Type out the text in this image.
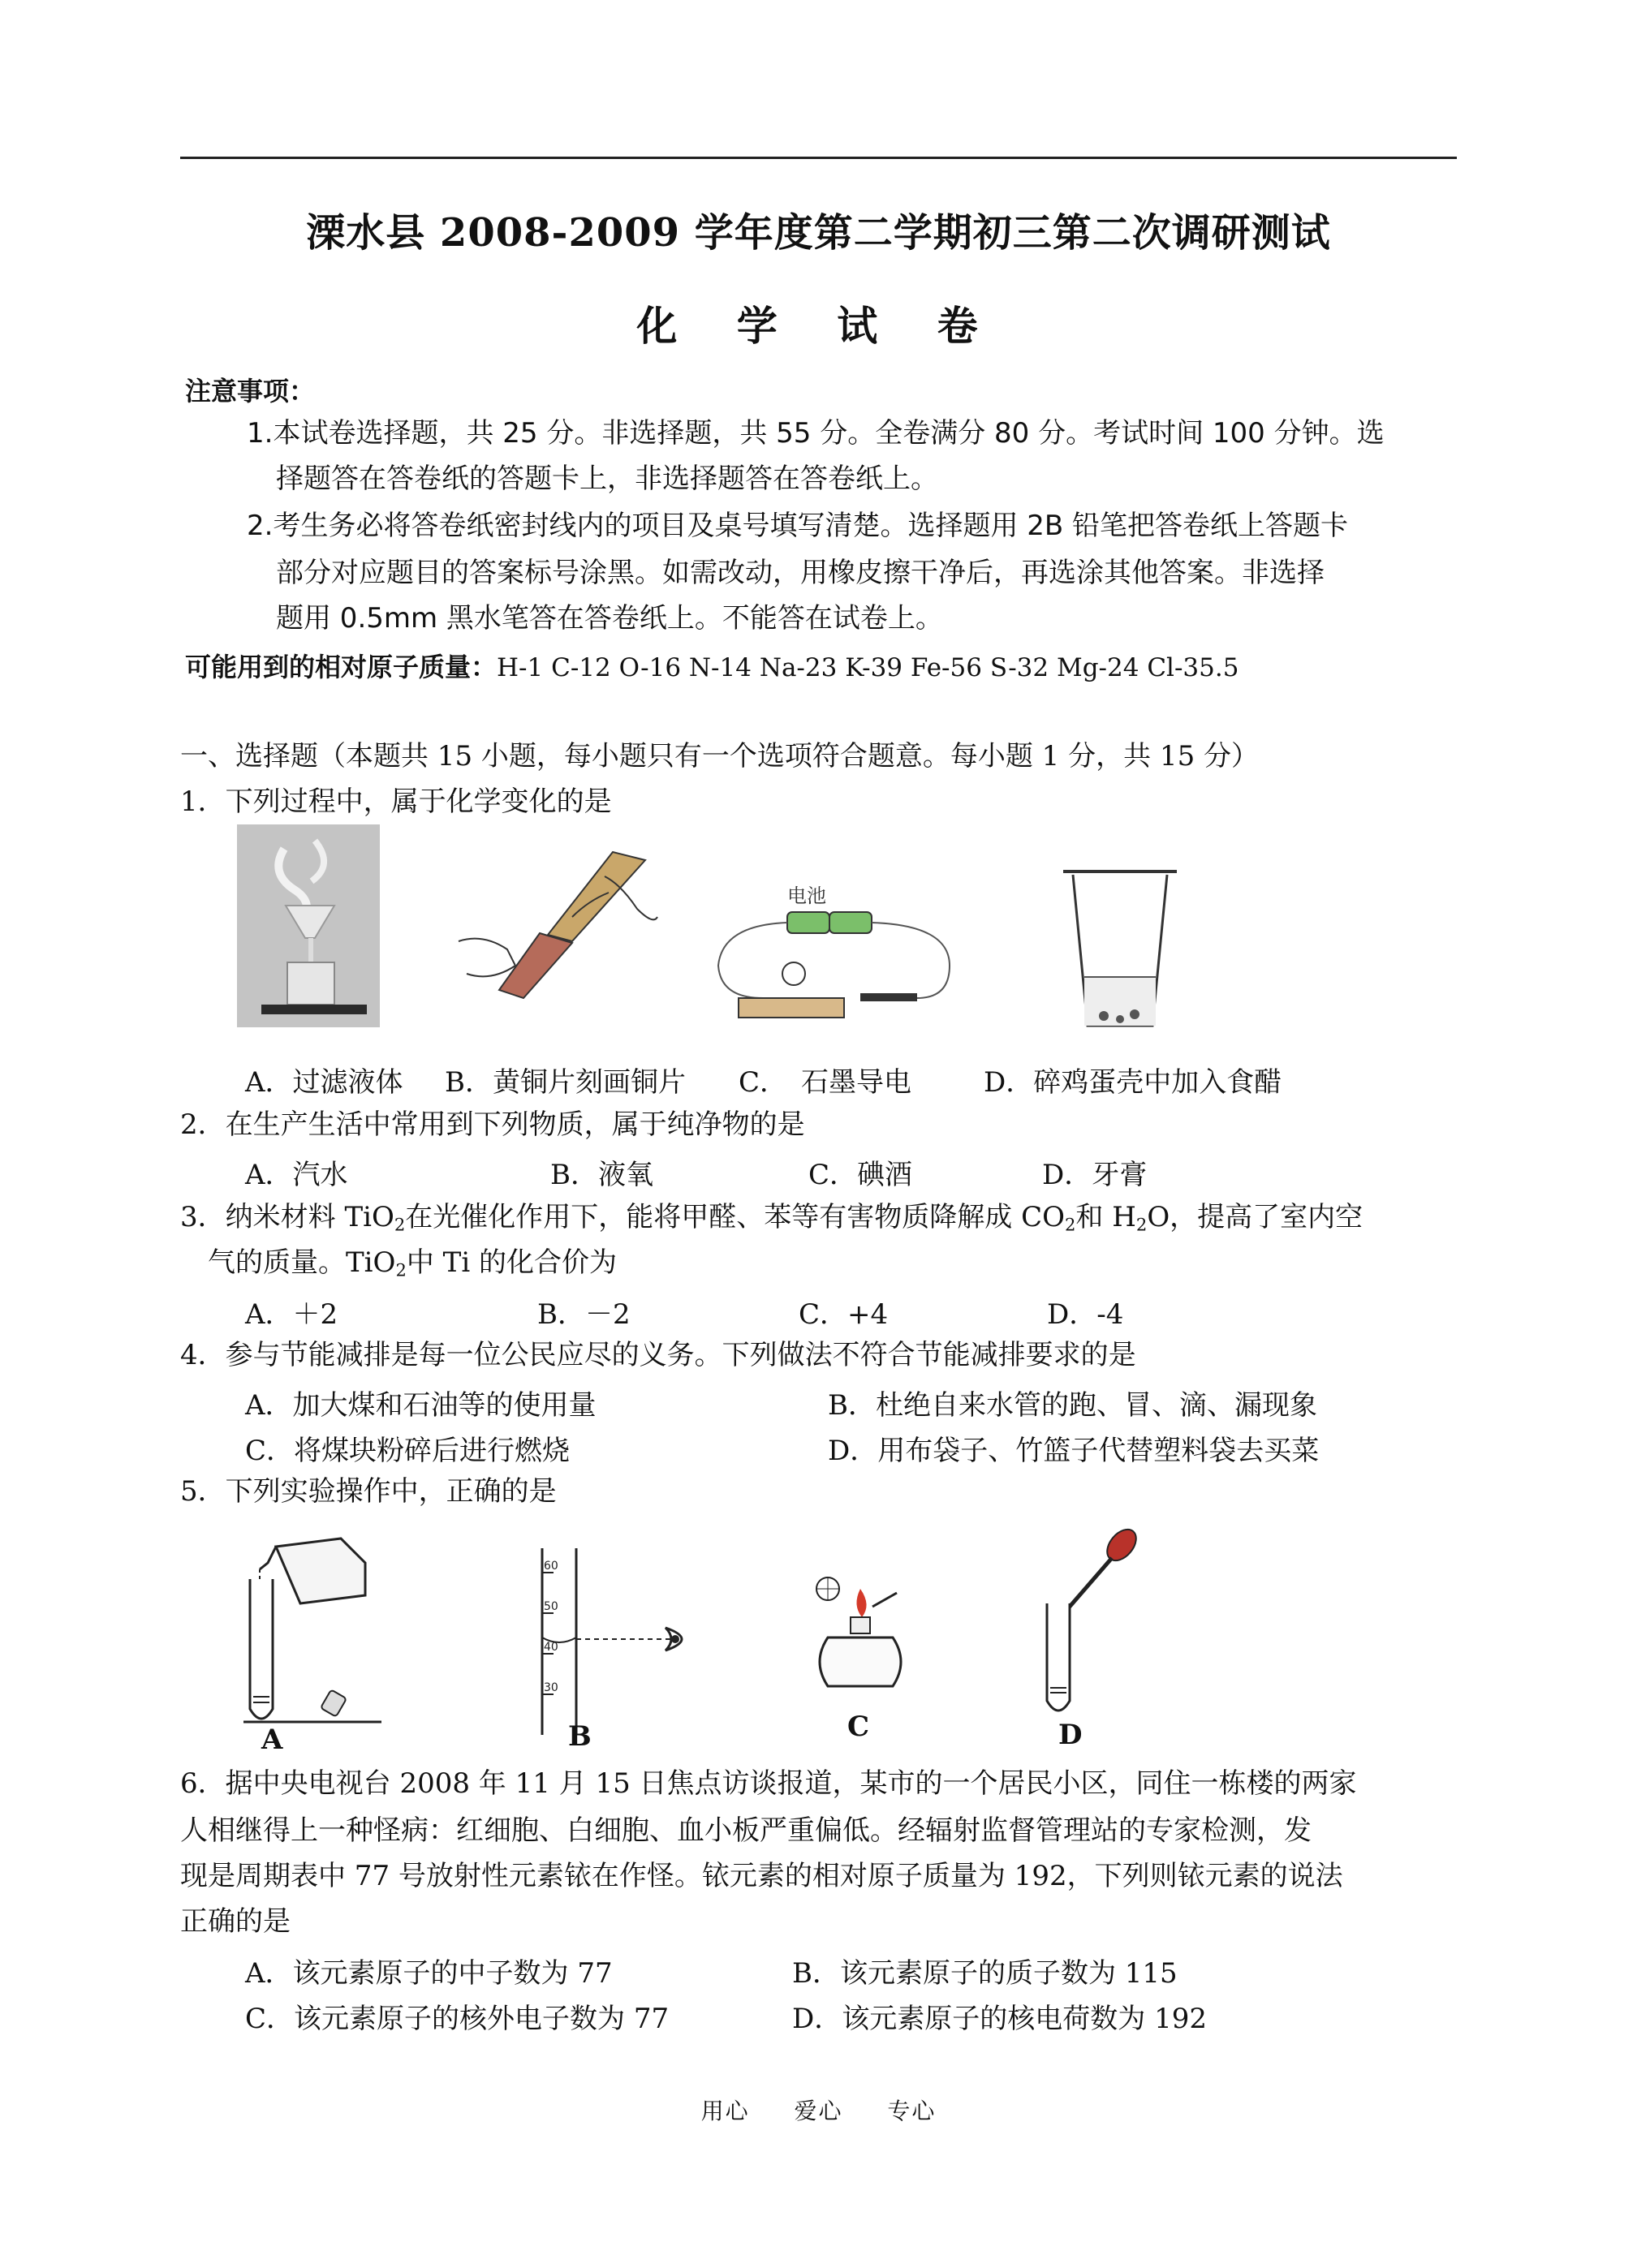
溧水县 2008-2009 学年度第二学期初三第二次调研测试
化 学 试 卷
注意事项：
1.本试卷选择题，共 25 分。非选择题，共 55 分。全卷满分 80 分。考试时间 100 分钟。选
择题答在答卷纸的答题卡上，非选择题答在答卷纸上。
2.考生务必将答卷纸密封线内的项目及桌号填写清楚。选择题用 2B 铅笔把答卷纸上答题卡
部分对应题目的答案标号涂黑。如需改动，用橡皮擦干净后，再选涂其他答案。非选择
题用 0.5mm 黑水笔答在答卷纸上。不能答在试卷上。
可能用到的相对原子质量：H-1 C-12 O-16 N-14 Na-23 K-39 Fe-56 S-32 Mg-24 Cl-35.5
一、选择题（本题共 15 小题，每小题只有一个选项符合题意。每小题 1 分，共 15 分）
1．下列过程中，属于化学变化的是
电池
A．过滤液体 B．黄铜片刻画铜片 C．　石墨导电	D．碎鸡蛋壳中加入食醋
2．在生产生活中常用到下列物质，属于纯净物的是
A．汽水	B．液氧	C．碘酒	D．牙膏
3．纳米材料 TiO$_2$在光催化作用下，能将甲醛、苯等有害物质降解成 $CO_2$和 $H_2O$，提高了室内空
气的质量。TiO$_2$中 Ti 的化合价为
A．＋2	B．－2	C．+4	D．-4
4．参与节能减排是每一位公民应尽的义务。下列做法不符合节能减排要求的是
A．加大煤和石油等的使用量	B．杜绝自来水管的跑、冒、滴、漏现象
C．将煤块粉碎后进行燃烧	D．用布袋子、竹篮子代替塑料袋去买菜
5．下列实验操作中，正确的是
A
60
50
40
30
B	C	D
6．据中央电视台 2008 年 11 月 15 日焦点访谈报道，某市的一个居民小区，同住一栋楼的两家
人相继得上一种怪病：红细胞、白细胞、血小板严重偏低。经辐射监督管理站的专家检测，发
现是周期表中 77 号放射性元素铱在作怪。铱元素的相对原子质量为 192，下列则铱元素的说法
正确的是
A．该元素原子的中子数为 77	B．该元素原子的质子数为 115
C．该元素原子的核外电子数为 77	D．该元素原子的核电荷数为 192
用心 爱心 专心
